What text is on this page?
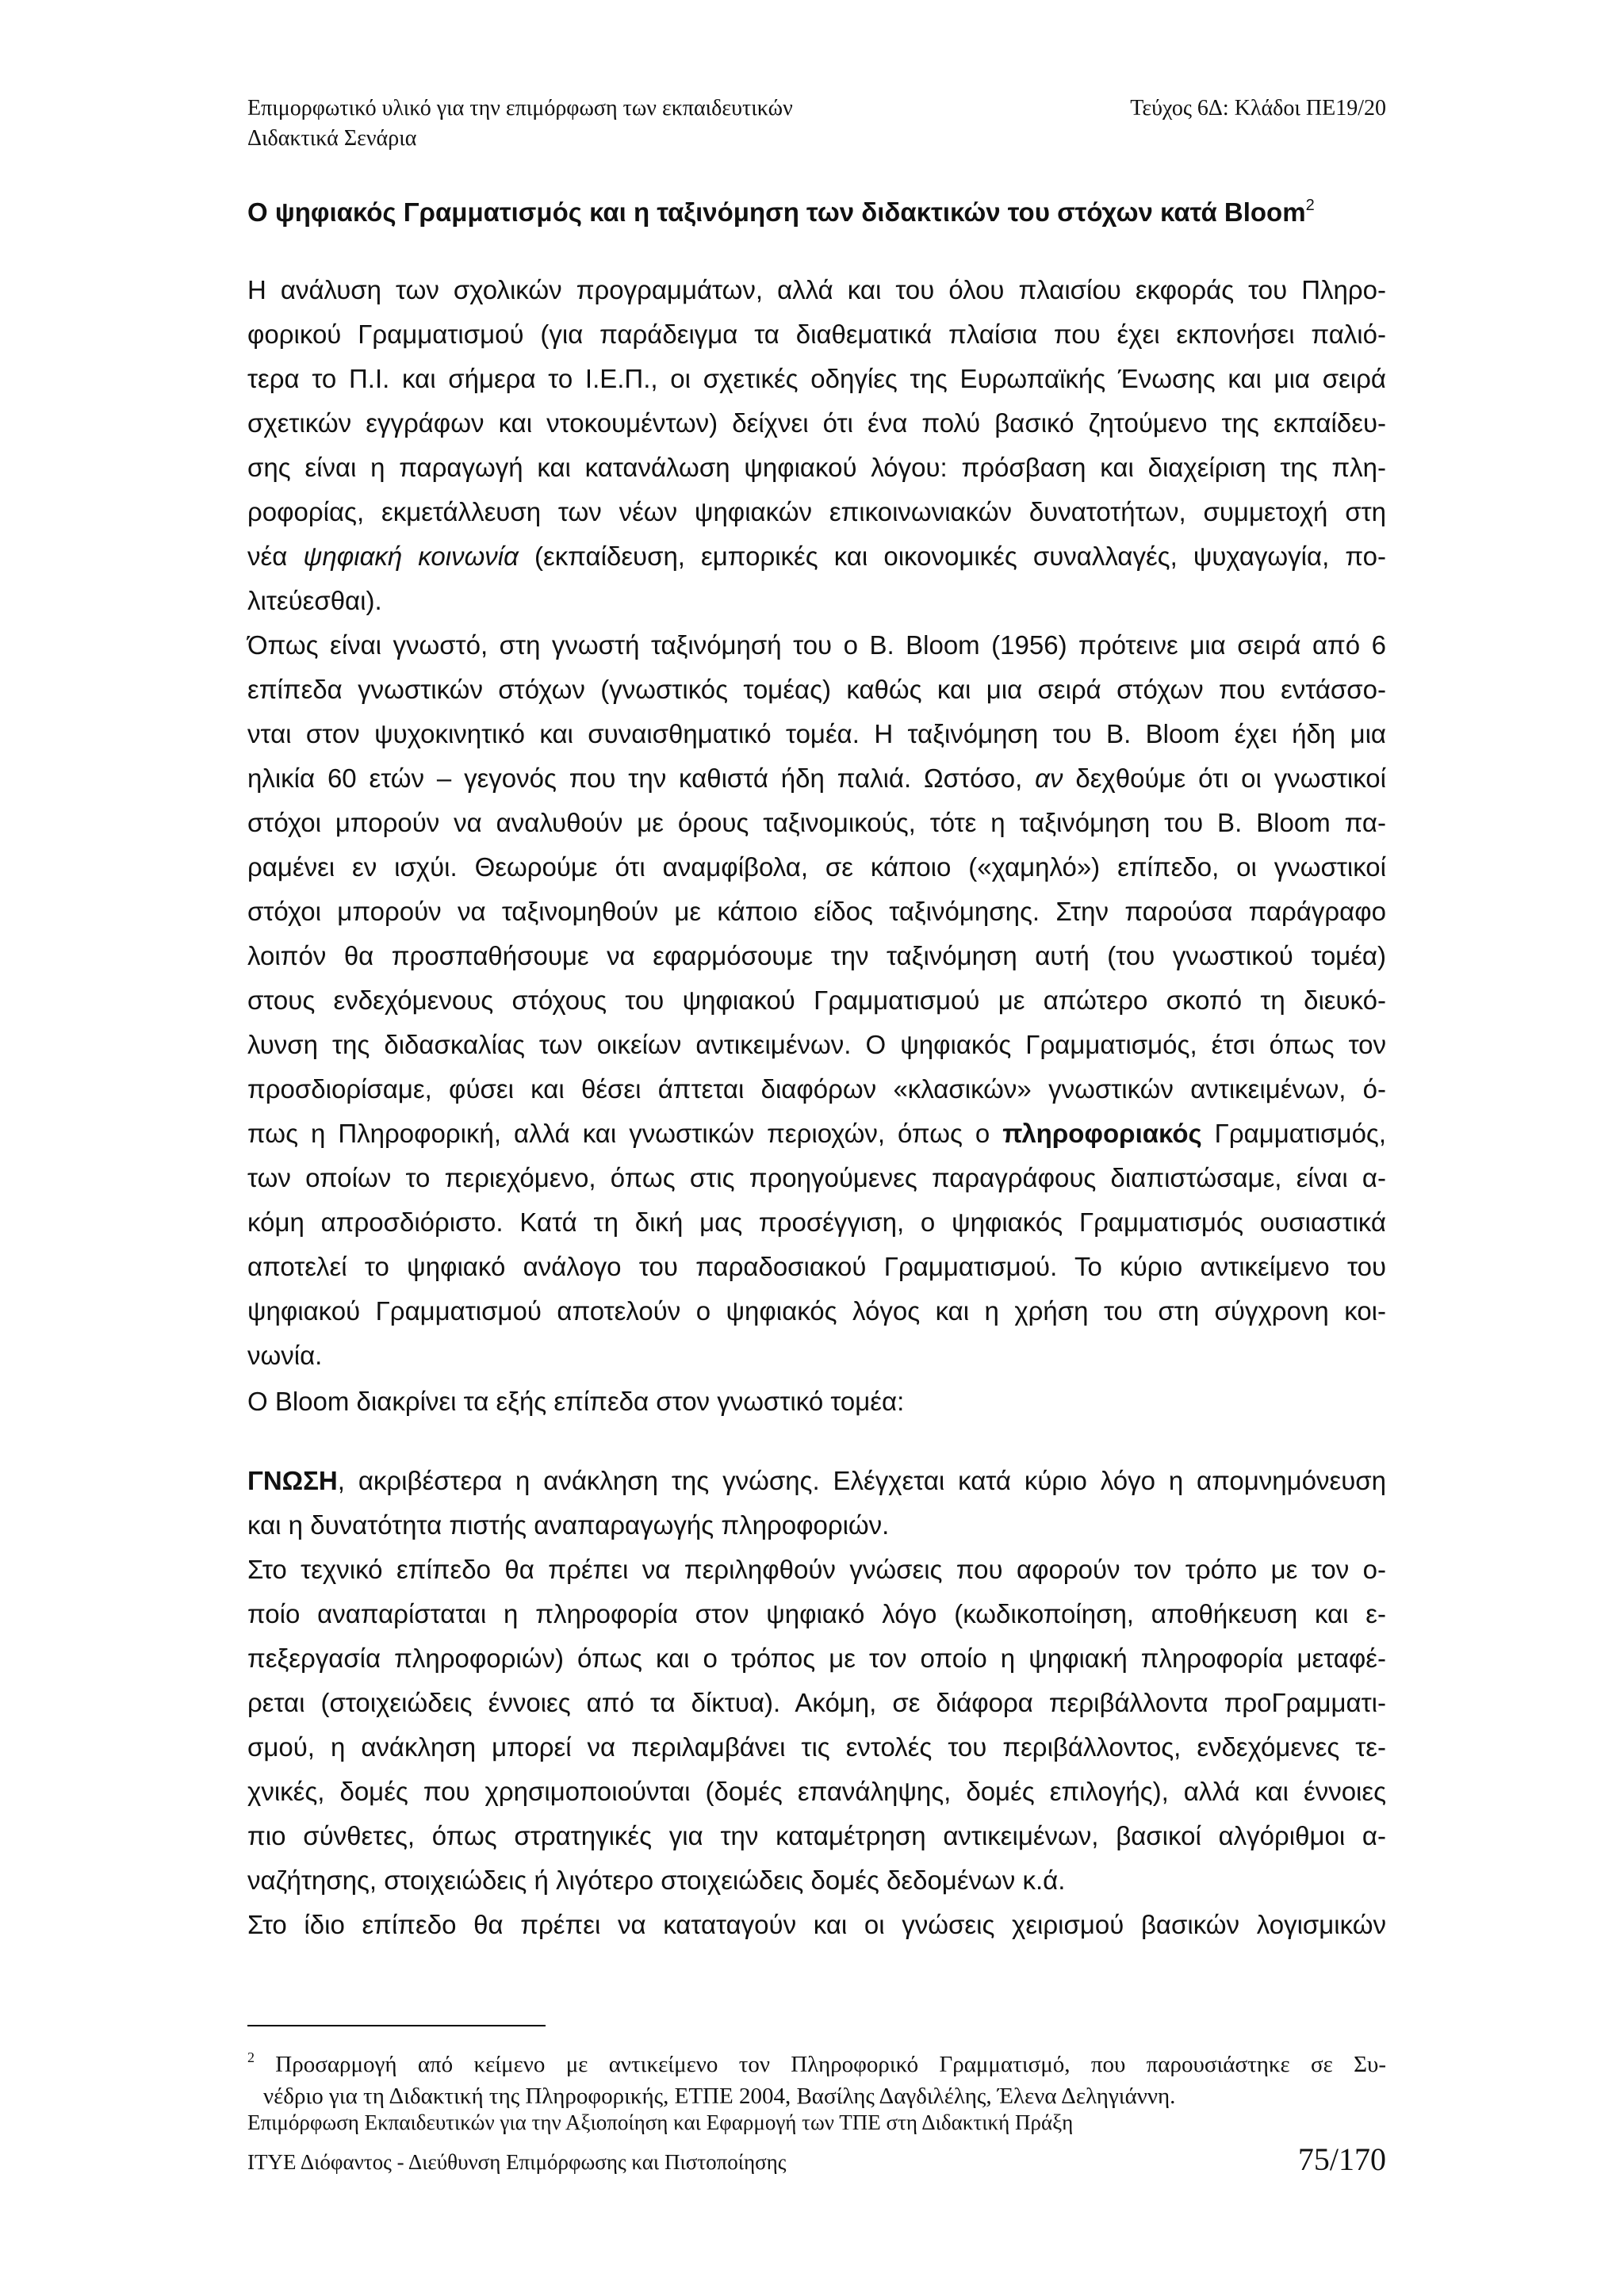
Επιμορφωτικό υλικό για την επιμόρφωση των εκπαιδευτικών	Τεύχος 6Δ: Κλάδοι ΠΕ19/20
Διδακτικά Σενάρια
Ο ψηφιακός Γραμματισμός και η ταξινόμηση των διδακτικών του στόχων κατά Bloom$^2$
Η ανάλυση των σχολικών προγραμμάτων, αλλά και του όλου πλαισίου εκφοράς του Πληρο-
φορικού Γραμματισμού (για παράδειγμα τα διαθεματικά πλαίσια που έχει εκπονήσει παλιό-
τερα το Π.Ι. και σήμερα το Ι.Ε.Π., οι σχετικές οδηγίες της Ευρωπαϊκής Ένωσης και μια σειρά
σχετικών εγγράφων και ντοκουμέντων) δείχνει ότι ένα πολύ βασικό ζητούμενο της εκπαίδευ-
σης είναι η παραγωγή και κατανάλωση ψηφιακού λόγου: πρόσβαση και διαχείριση της πλη-
ροφορίας, εκμετάλλευση των νέων ψηφιακών επικοινωνιακών δυνατοτήτων, συμμετοχή στη
νέα ψηφιακή κοινωνία (εκπαίδευση, εμπορικές και οικονομικές συναλλαγές, ψυχαγωγία, πο-
λιτεύεσθαι).
Όπως είναι γνωστό, στη γνωστή ταξινόμησή του ο B. Bloom (1956) πρότεινε μια σειρά από 6
επίπεδα γνωστικών στόχων (γνωστικός τομέας) καθώς και μια σειρά στόχων που εντάσσο-
νται στον ψυχοκινητικό και συναισθηματικό τομέα. Η ταξινόμηση του B. Bloom έχει ήδη μια
ηλικία 60 ετών – γεγονός που την καθιστά ήδη παλιά. Ωστόσο, αν δεχθούμε ότι οι γνωστικοί
στόχοι μπορούν να αναλυθούν με όρους ταξινομικούς, τότε η ταξινόμηση του B. Bloom πα-
ραμένει εν ισχύι. Θεωρούμε ότι αναμφίβολα, σε κάποιο («χαμηλό») επίπεδο, οι γνωστικοί
στόχοι μπορούν να ταξινομηθούν με κάποιο είδος ταξινόμησης. Στην παρούσα παράγραφο
λοιπόν θα προσπαθήσουμε να εφαρμόσουμε την ταξινόμηση αυτή (του γνωστικού τομέα)
στους ενδεχόμενους στόχους του ψηφιακού Γραμματισμού με απώτερο σκοπό τη διευκό-
λυνση της διδασκαλίας των οικείων αντικειμένων. Ο ψηφιακός Γραμματισμός, έτσι όπως τον
προσδιορίσαμε, φύσει και θέσει άπτεται διαφόρων «κλασικών» γνωστικών αντικειμένων, ό-
πως η Πληροφορική, αλλά και γνωστικών περιοχών, όπως ο πληροφοριακός Γραμματισμός,
των οποίων το περιεχόμενο, όπως στις προηγούμενες παραγράφους διαπιστώσαμε, είναι α-
κόμη απροσδιόριστο. Κατά τη δική μας προσέγγιση, ο ψηφιακός Γραμματισμός ουσιαστικά
αποτελεί το ψηφιακό ανάλογο του παραδοσιακού Γραμματισμού. Το κύριο αντικείμενο του
ψηφιακού Γραμματισμού αποτελούν ο ψηφιακός λόγος και η χρήση του στη σύγχρονη κοι-
νωνία.
Ο Bloom διακρίνει τα εξής επίπεδα στον γνωστικό τομέα:
ΓΝΩΣΗ, ακριβέστερα η ανάκληση της γνώσης. Ελέγχεται κατά κύριο λόγο η απομνημόνευση
και η δυνατότητα πιστής αναπαραγωγής πληροφοριών.
Στο τεχνικό επίπεδο θα πρέπει να περιληφθούν γνώσεις που αφορούν τον τρόπο με τον ο-
ποίο αναπαρίσταται η πληροφορία στον ψηφιακό λόγο (κωδικοποίηση, αποθήκευση και ε-
πεξεργασία πληροφοριών) όπως και ο τρόπος με τον οποίο η ψηφιακή πληροφορία μεταφέ-
ρεται (στοιχειώδεις έννοιες από τα δίκτυα). Ακόμη, σε διάφορα περιβάλλοντα προΓραμματι-
σμού, η ανάκληση μπορεί να περιλαμβάνει τις εντολές του περιβάλλοντος, ενδεχόμενες τε-
χνικές, δομές που χρησιμοποιούνται (δομές επανάληψης, δομές επιλογής), αλλά και έννοιες
πιο σύνθετες, όπως στρατηγικές για την καταμέτρηση αντικειμένων, βασικοί αλγόριθμοι α-
ναζήτησης, στοιχειώδεις ή λιγότερο στοιχειώδεις δομές δεδομένων κ.ά.
Στο ίδιο επίπεδο θα πρέπει να καταταγούν και οι γνώσεις χειρισμού βασικών λογισμικών
$^2$ Προσαρμογή από κείμενο με αντικείμενο τον Πληροφορικό Γραμματισμό, που παρουσιάστηκε σε Συ-
νέδριο για τη Διδακτική της Πληροφορικής, ΕΤΠΕ 2004, Βασίλης Δαγδιλέλης, Έλενα Δεληγιάννη.
Επιμόρφωση Εκπαιδευτικών για την Αξιοποίηση και Εφαρμογή των ΤΠΕ στη Διδακτική Πράξη
ΙΤΥΕ Διόφαντος - Διεύθυνση Επιμόρφωσης και Πιστοποίησης	75/170
